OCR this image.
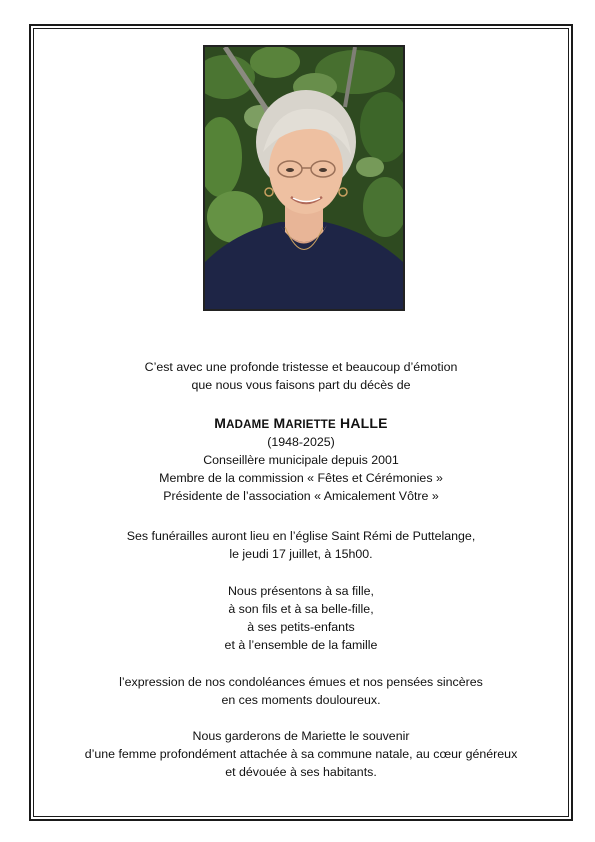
C’est avec une profonde tristesse et beaucoup d’émotion

que nous vous faisons part du décès de

MADAME MARIETTE HALLE

(1948-2025)

Conseillère municipale depuis 2001

Membre de la commission « Fêtes et Cérémonies »

Présidente de l’association « Amicalement Vôtre »

Ses funérailles auront lieu en l’église Saint Rémi de Puttelange,

le jeudi 17 juillet, à 15h00.

Nous présentons à sa fille,

à son fils et à sa belle-fille,

à ses petits-enfants

et à l’ensemble de la famille

l’expression de nos condoléances émues et nos pensées sincères

en ces moments douloureux.

Nous garderons de Mariette le souvenir

d’une femme profondément attachée à sa commune natale, au cœur généreux

et dévouée à ses habitants.
